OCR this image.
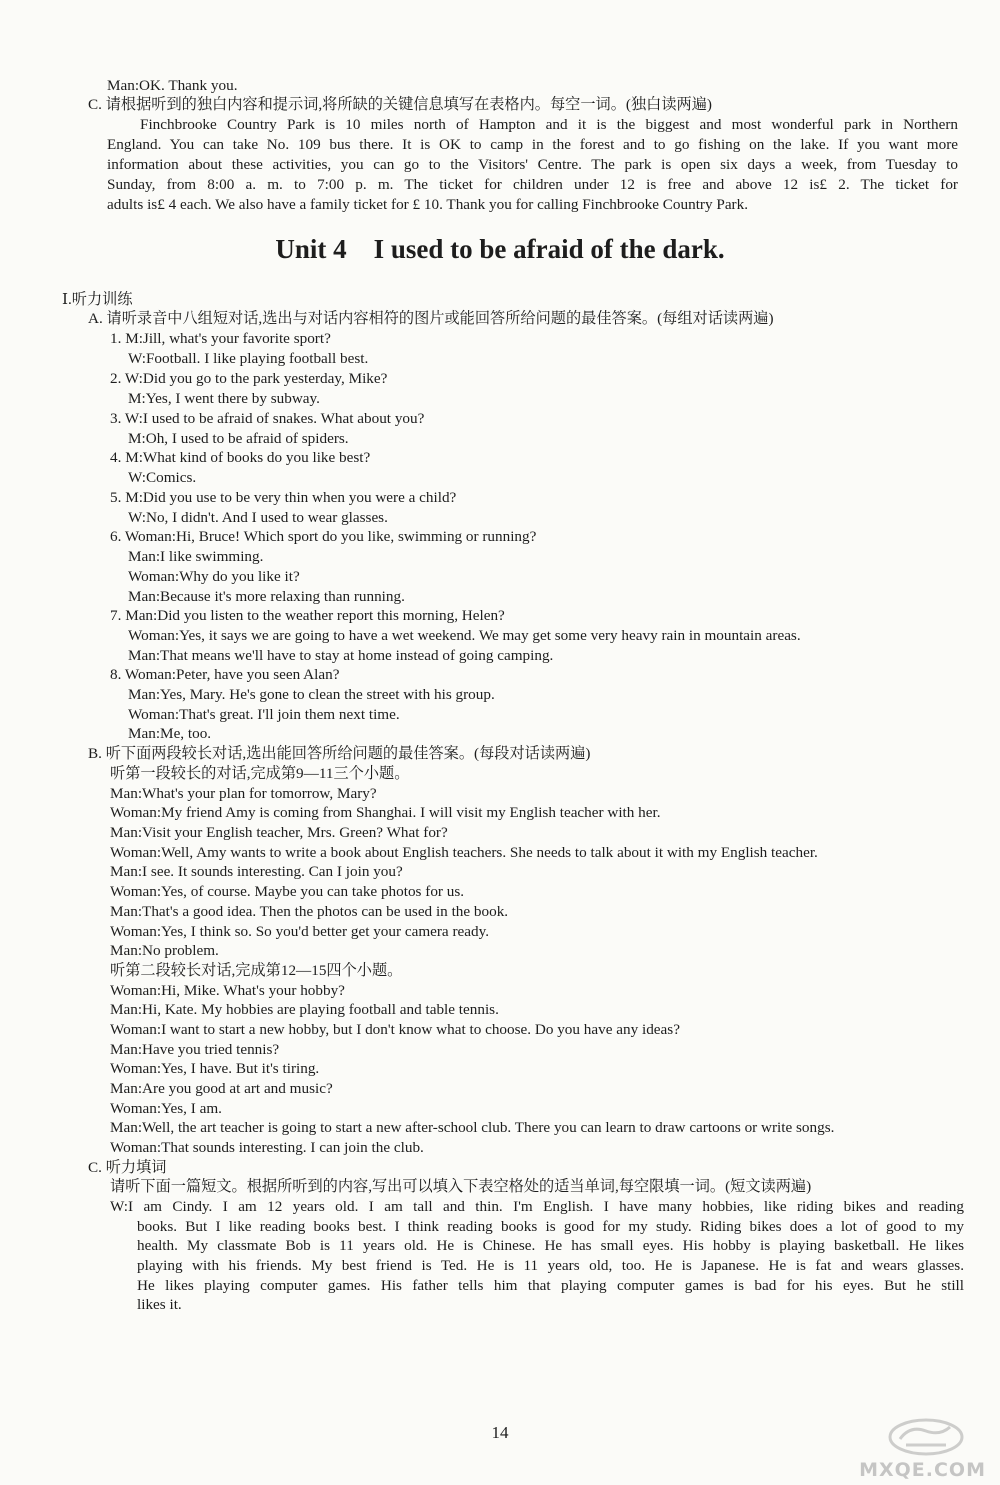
Man:OK. Thank you.
C. 请根据听到的独白内容和提示词,将所缺的关键信息填写在表格内。每空一词。(独白读两遍)
Finchbrooke Country Park is 10 miles north of Hampton and it is the biggest and most wonderful park in Northern
England. You can take No. 109 bus there. It is OK to camp in the forest and to go fishing on the lake. If you want more
information about these activities, you can go to the Visitors' Centre. The park is open six days a week, from Tuesday to
Sunday, from 8:00 a. m. to 7:00 p. m. The ticket for children under 12 is free and above 12 is£ 2. The ticket for
adults is£ 4 each. We also have a family ticket for £ 10. Thank you for calling Finchbrooke Country Park.
Unit 4    I used to be afraid of the dark.
Ⅰ.听力训练
A. 请听录音中八组短对话,选出与对话内容相符的图片或能回答所给问题的最佳答案。(每组对话读两遍)
1. M:Jill, what's your favorite sport?
W:Football. I like playing football best.
2. W:Did you go to the park yesterday, Mike?
M:Yes, I went there by subway.
3. W:I used to be afraid of snakes. What about you?
M:Oh, I used to be afraid of spiders.
4. M:What kind of books do you like best?
W:Comics.
5. M:Did you use to be very thin when you were a child?
W:No, I didn't. And I used to wear glasses.
6. Woman:Hi, Bruce! Which sport do you like, swimming or running?
Man:I like swimming.
Woman:Why do you like it?
Man:Because it's more relaxing than running.
7. Man:Did you listen to the weather report this morning, Helen?
Woman:Yes, it says we are going to have a wet weekend. We may get some very heavy rain in mountain areas.
Man:That means we'll have to stay at home instead of going camping.
8. Woman:Peter, have you seen Alan?
Man:Yes, Mary. He's gone to clean the street with his group.
Woman:That's great. I'll join them next time.
Man:Me, too.
B. 听下面两段较长对话,选出能回答所给问题的最佳答案。(每段对话读两遍)
听第一段较长的对话,完成第9—11三个小题。
Man:What's your plan for tomorrow, Mary?
Woman:My friend Amy is coming from Shanghai. I will visit my English teacher with her.
Man:Visit your English teacher, Mrs. Green? What for?
Woman:Well, Amy wants to write a book about English teachers. She needs to talk about it with my English teacher.
Man:I see. It sounds interesting. Can I join you?
Woman:Yes, of course. Maybe you can take photos for us.
Man:That's a good idea. Then the photos can be used in the book.
Woman:Yes, I think so. So you'd better get your camera ready.
Man:No problem.
听第二段较长对话,完成第12—15四个小题。
Woman:Hi, Mike. What's your hobby?
Man:Hi, Kate. My hobbies are playing football and table tennis.
Woman:I want to start a new hobby, but I don't know what to choose. Do you have any ideas?
Man:Have you tried tennis?
Woman:Yes, I have. But it's tiring.
Man:Are you good at art and music?
Woman:Yes, I am.
Man:Well, the art teacher is going to start a new after-school club. There you can learn to draw cartoons or write songs.
Woman:That sounds interesting. I can join the club.
C. 听力填词
请听下面一篇短文。根据所听到的内容,写出可以填入下表空格处的适当单词,每空限填一词。(短文读两遍)
W:I am Cindy. I am 12 years old. I am tall and thin. I'm English. I have many hobbies, like riding bikes and reading
books. But I like reading books best. I think reading books is good for my study. Riding bikes does a lot of good to my
health. My classmate Bob is 11 years old. He is Chinese. He has small eyes. His hobby is playing basketball. He likes
playing with his friends. My best friend is Ted. He is 11 years old, too. He is Japanese. He is fat and wears glasses.
He likes playing computer games. His father tells him that playing computer games is bad for his eyes. But he still
likes it.
14
MXQE.COM
